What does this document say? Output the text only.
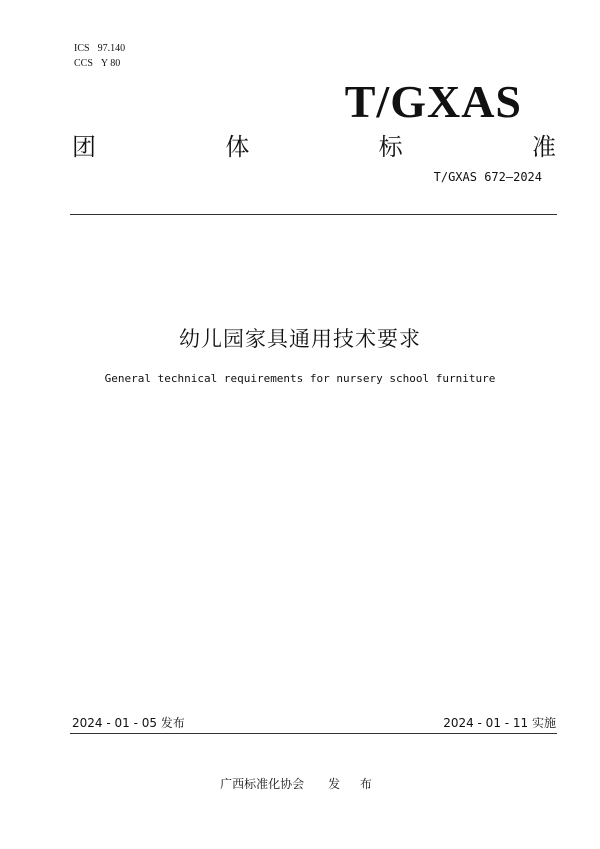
ICS 97.140
CCS Y 80
T/GXAS
团	体	标	准
T/GXAS 672—2024
幼儿园家具通用技术要求
General technical requirements for nursery school furniture
2024 - 01 - 05 发布	2024 - 01 - 11 实施
广西标准化协会 发 布
